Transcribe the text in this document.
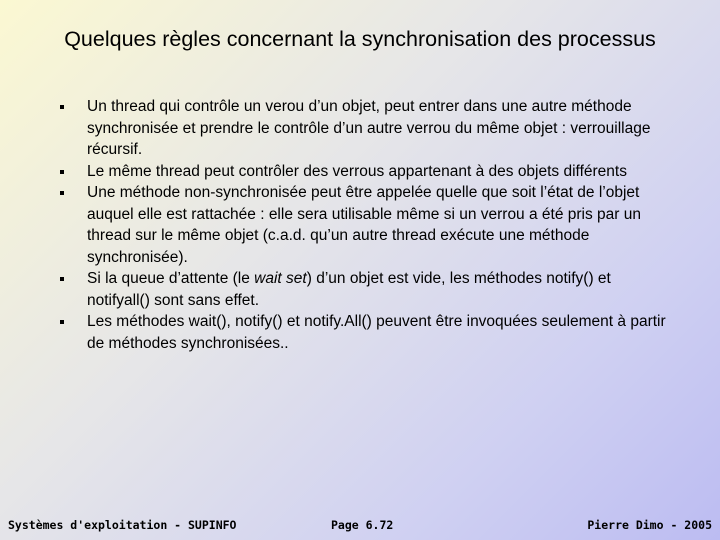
Quelques règles concernant la synchronisation des processus
Un thread qui contrôle un verou d’un objet, peut entrer dans une autre méthode synchronisée et prendre le contrôle d’un autre verrou du même objet : verrouillage récursif.
Le même thread peut contrôler des verrous appartenant à des objets différents
Une méthode non-synchronisée peut être appelée quelle que soit l’état de l’objet auquel elle est rattachée : elle sera utilisable même si un verrou a été pris par un thread sur le même objet (c.a.d. qu’un autre thread exécute une méthode synchronisée).
Si la queue d’attente (le wait set) d’un objet est vide, les méthodes notify() et notifyall() sont sans effet.
Les méthodes wait(), notify() et notify.All() peuvent être invoquées seulement à partir de méthodes synchronisées..
Systèmes d'exploitation - SUPINFO	Page 6.72	Pierre Dimo - 2005
